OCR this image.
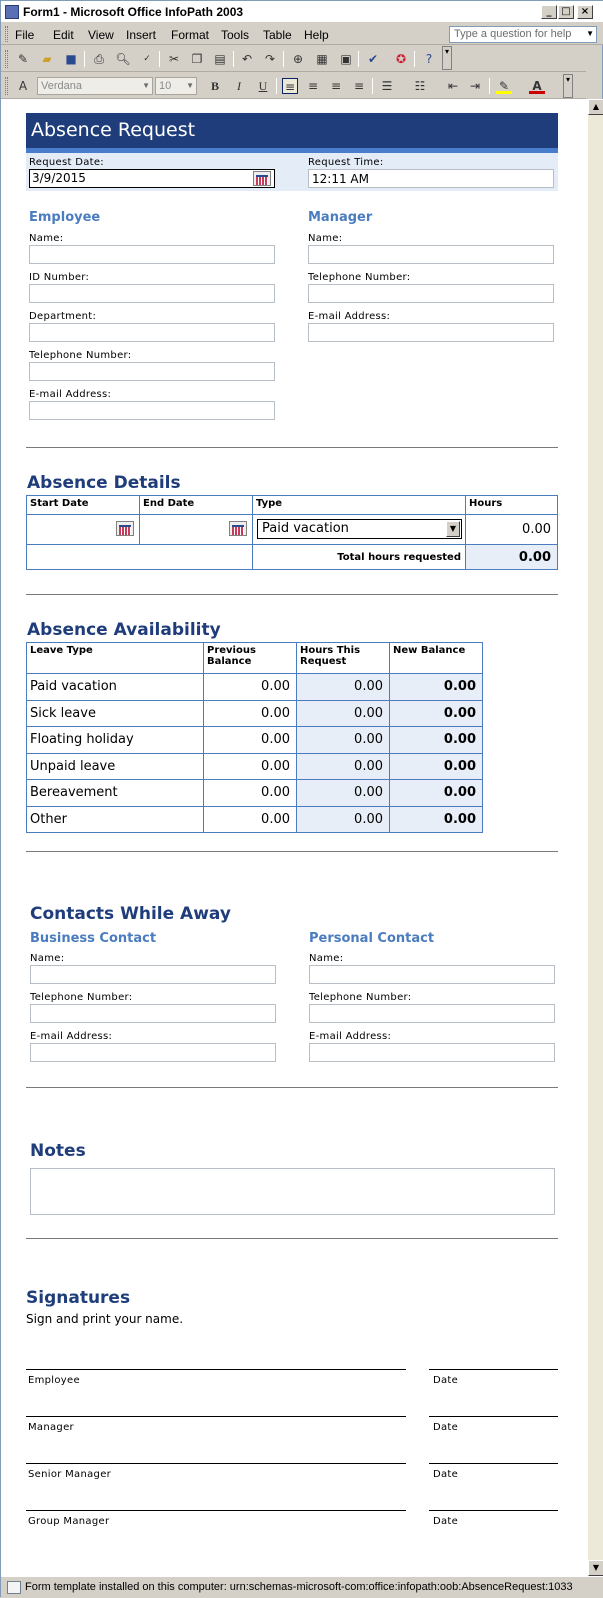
Form1 - Microsoft Office InfoPath 2003	_ □	×
File Edit View Insert Format Tools Table Help	Type a question for help ▼
✎ ▰ ■ ⎙ 🔍︎	✓	✂ ❐ ▤ ↶ ↷ ⊕ ▦ ▣ ✔ ✪	?
▾
A	Verdana	▼ 10 ▼	B	I	U	≡ ≡ ≡ ≡ ☰ ☷ ⇤ ⇥ ✎ A	▾
Absence Request
Request Date:
3/9/2015
Request Time:
12:11 AM
Employee
Name:
ID Number:
Department:
Telephone Number:
E-mail Address:
Manager
Name:
Telephone Number:
E-mail Address:
Absence Details
Start Date	End Date	Type	Hours

		Paid vacation ▼	0.00
		Total hours requested	0.00
Absence Availability
Leave Type	Previous Balance	Hours This Request	New Balance
Paid vacation	0.00	0.00	0.00
Sick leave	0.00	0.00	0.00
Floating holiday	0.00	0.00	0.00
Unpaid leave	0.00	0.00	0.00
Bereavement	0.00	0.00	0.00
Other	0.00	0.00	0.00
Contacts While Away
Business Contact
Name:
Telephone Number:
E-mail Address:
Personal Contact
Name:
Telephone Number:
E-mail Address:
Notes
Signatures
Sign and print your name.
Employee	Date
Manager	Date
Senior Manager	Date
Group Manager	Date
▲
▼
Form template installed on this computer: urn:schemas-microsoft-com:office:infopath:oob:AbsenceRequest:1033
